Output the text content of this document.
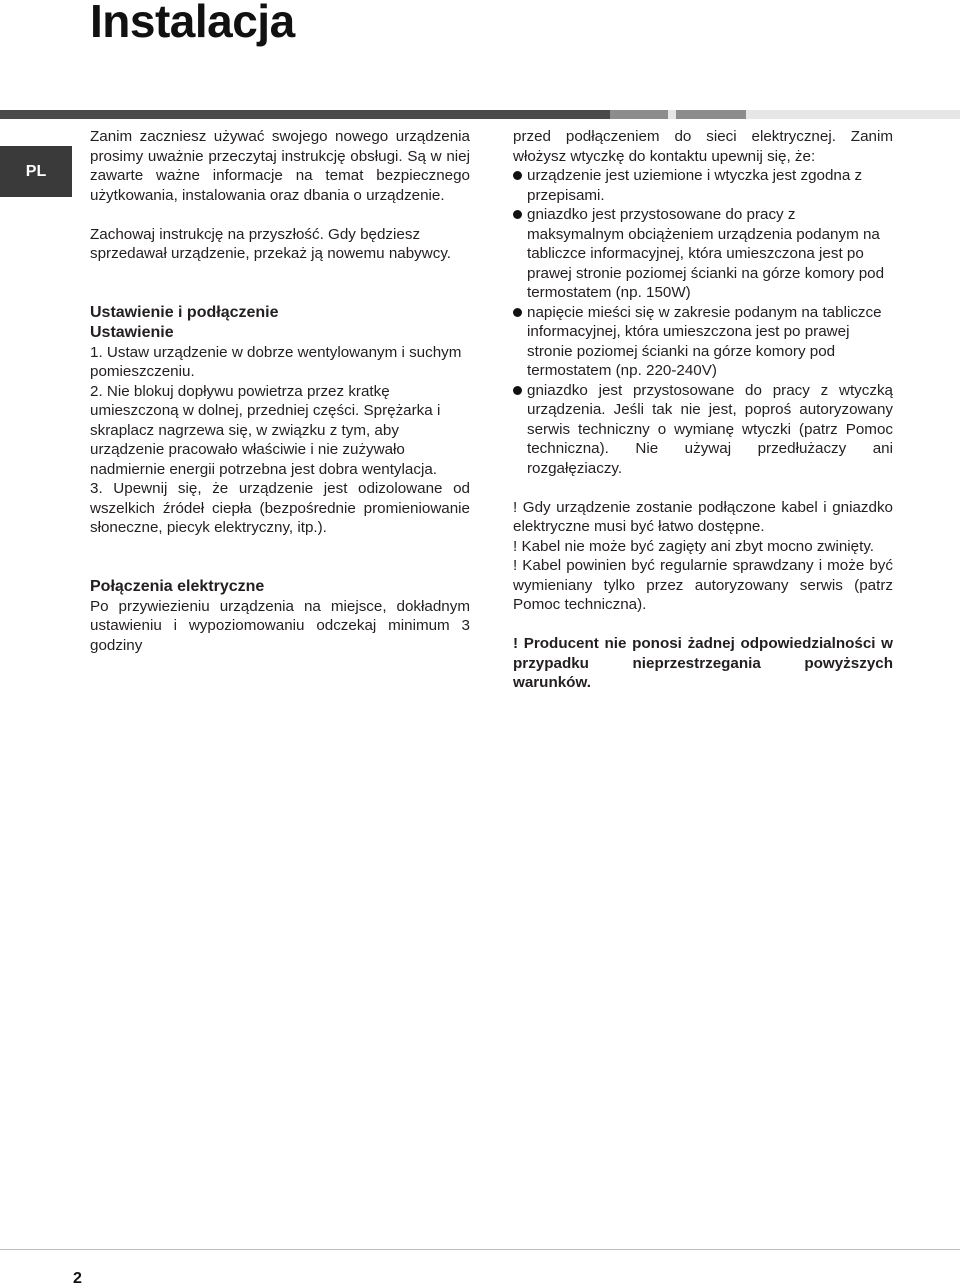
Instalacja
PL

Zanim zaczniesz używać swojego nowego urządzenia prosimy uważnie przeczytaj instrukcję obsługi. Są w niej zawarte ważne informacje na temat bezpiecznego użytkowania, instalowania oraz dbania o urządzenie.

Zachowaj instrukcję na przyszłość. Gdy będziesz sprzedawał urządzenie, przekaż ją nowemu nabywcy.

Ustawienie i podłączenie

Ustawienie

1. Ustaw urządzenie w dobrze wentylowanym i suchym pomieszczeniu.

2. Nie blokuj dopływu powietrza przez kratkę umieszczoną w dolnej, przedniej części. Sprężarka i skraplacz nagrzewa się, w związku z tym, aby urządzenie pracowało właściwie i nie zużywało nadmiernie energii potrzebna jest dobra wentylacja.

3. Upewnij się, że urządzenie jest odizolowane od wszelkich źródeł ciepła (bezpośrednie promieniowanie słoneczne, piecyk elektryczny, itp.).

Połączenia elektryczne

Po przywiezieniu urządzenia na miejsce, dokładnym ustawieniu i wypoziomowaniu odczekaj minimum 3 godziny

przed podłączeniem do sieci elektrycznej. Zanim włożysz wtyczkę do kontaktu upewnij się, że:

urządzenie jest uziemione i wtyczka jest zgodna z przepisami.
gniazdko jest przystosowane do pracy z maksymalnym obciążeniem urządzenia podanym na tabliczce informacyjnej, która umieszczona jest po prawej stronie poziomej ścianki na górze komory pod termostatem (np. 150W)
napięcie mieści się w zakresie podanym na tabliczce informacyjnej, która umieszczona jest po prawej stronie poziomej ścianki na górze komory pod termostatem (np. 220-240V)
gniazdko jest przystosowane do pracy z wtyczką urządzenia. Jeśli tak nie jest, poproś autoryzowany serwis techniczny o wymianę wtyczki (patrz Pomoc techniczna). Nie używaj przedłużaczy ani rozgałęziaczy.

! Gdy urządzenie zostanie podłączone kabel i gniazdko elektryczne musi być łatwo dostępne.

! Kabel nie może być zagięty ani zbyt mocno zwinięty.

! Kabel powinien być regularnie sprawdzany i może być wymieniany tylko przez autoryzowany serwis (patrz Pomoc techniczna).

! Producent nie ponosi żadnej odpowiedzialności w przypadku nieprzestrzegania powyższych warunków.

2
